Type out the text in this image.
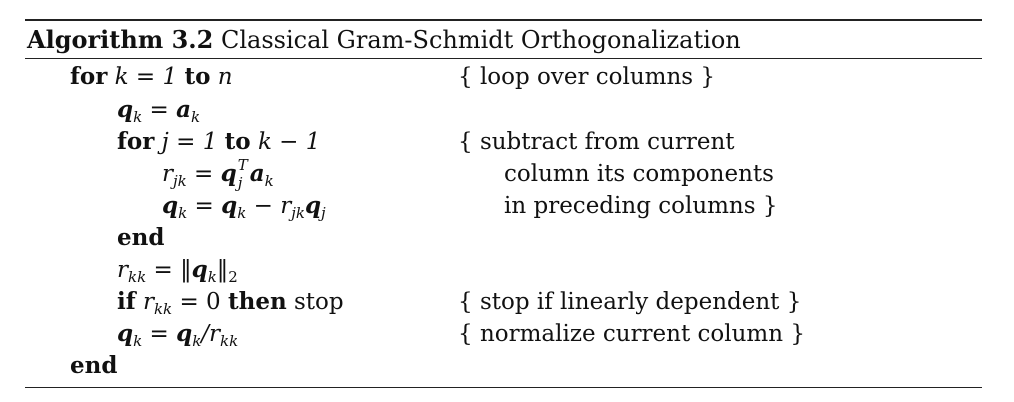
Algorithm 3.2 Classical Gram-Schmidt Orthogonalization
for k = 1 to n
$q_k = a_k$
for j = 1 to k − 1
$r_{jk} = q$ T
j $a_k$
$q_k = q_k - r_{jk}q_j$
end
$r_{kk}$ = $‖q_k‖_2$
if $r_{kk} = 0$ then stop
$q_k = q_k/r_{kk}$
end
{ loop over columns }
{ subtract from current
column its components
in preceding columns }
{ stop if linearly dependent }
{ normalize current column }
